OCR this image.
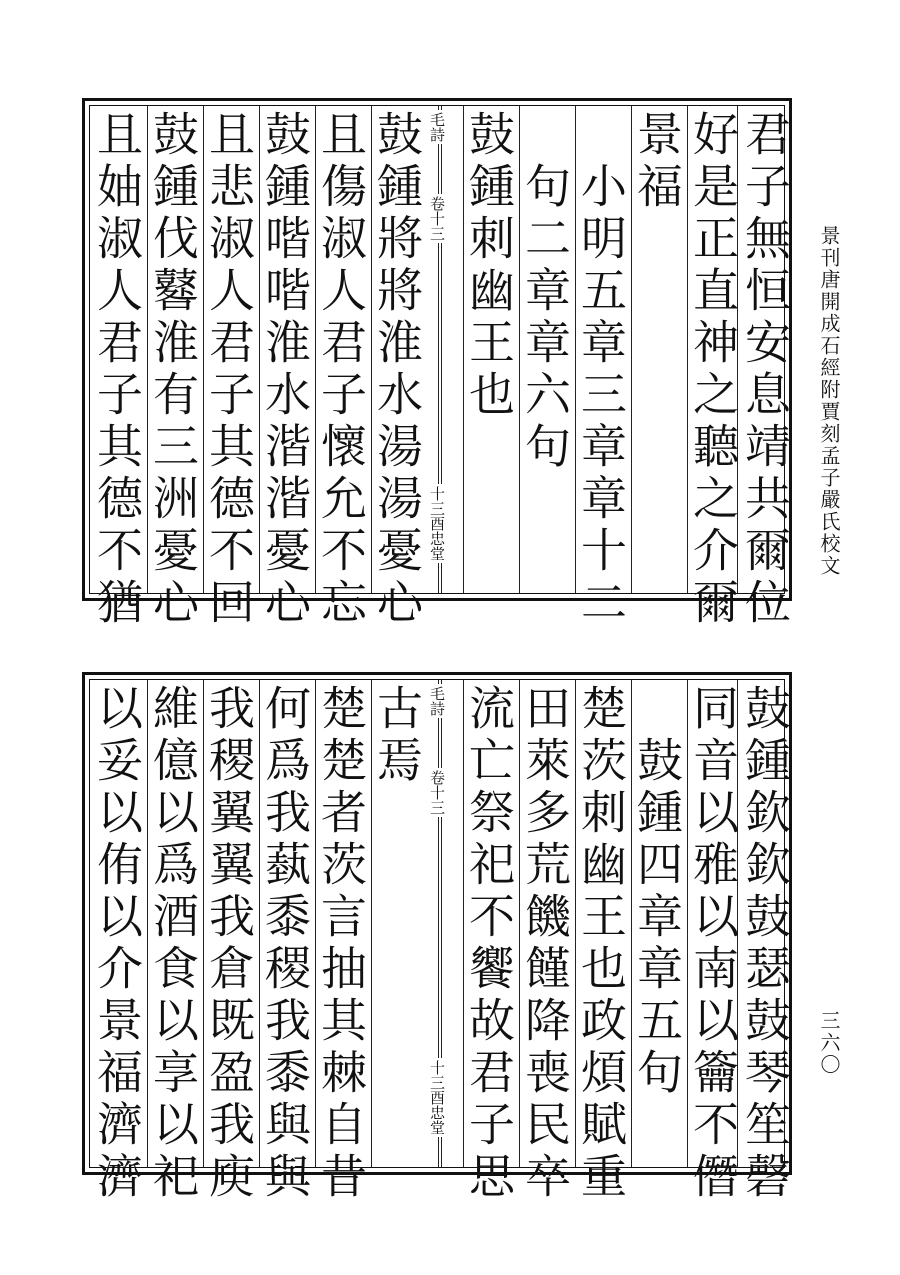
景刊唐開成石經附賈刻孟子嚴氏校文
三六〇
君子無恒安息靖共爾位
好是正直神之聽之介爾
景福
小明五章三章章十二
句二章章六句
鼓鍾刺幽王也
毛詩
卷十三
十三酉忠堂
鼓鍾將將淮水湯湯憂心
且傷淑人君子懷允不忘
鼓鍾喈喈淮水湝湝憂心
且悲淑人君子其德不回
鼓鍾伐鼛淮有三洲憂心
且妯淑人君子其德不猶
鼓鍾欽欽鼓瑟鼓琴笙磬
同音以雅以南以籥不僭
鼓鍾四章章五句
楚茨刺幽王也政煩賦重
田萊多荒饑饉降喪民卒
流亡祭祀不饗故君子思
毛詩
卷十三
十三酉忠堂
古焉
楚楚者茨言抽其棘自昔
何爲我蓺黍稷我黍與與
我稷翼翼我倉既盈我庾
維億以爲酒食以享以祀
以妥以侑以介景福濟濟
